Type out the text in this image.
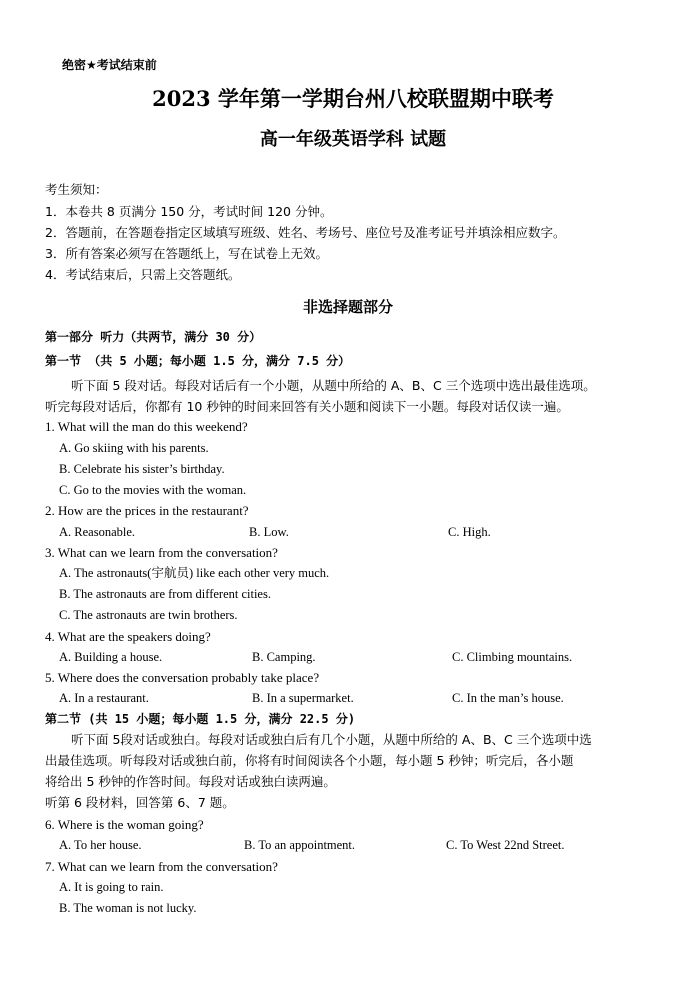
绝密★考试结束前
2023 学年第一学期台州八校联盟期中联考
高一年级英语学科 试题
考生须知：
1．本卷共 8 页满分 150 分，考试时间 120 分钟。
2．答题前，在答题卷指定区域填写班级、姓名、考场号、座位号及准考证号并填涂相应数字。
3．所有答案必须写在答题纸上，写在试卷上无效。
4．考试结束后，只需上交答题纸。
非选择题部分
第一部分 听力（共两节，满分 30 分）
第一节 （共 5 小题；每小题 1.5 分，满分 7.5 分）
听下面 5 段对话。每段对话后有一个小题，从题中所给的 A、B、C 三个选项中选出最佳选项。
听完每段对话后，你都有 10 秒钟的时间来回答有关小题和阅读下一小题。每段对话仅读一遍。
1. What will the man do this weekend?
A. Go skiing with his parents.
B. Celebrate his sister’s birthday.
C. Go to the movies with the woman.
2. How are the prices in the restaurant?
A. Reasonable.	B. Low.	C. High.
3. What can we learn from the conversation?
A. The astronauts(宇航员) like each other very much.
B. The astronauts are from different cities.
C. The astronauts are twin brothers.
4. What are the speakers doing?
A. Building a house.	B. Camping.	C. Climbing mountains.
5. Where does the conversation probably take place?
A. In a restaurant.	B. In a supermarket.	C. In the man’s house.
第二节 (共 15 小题；每小题 1.5 分，满分 22.5 分)
听下面 5段对话或独白。每段对话或独白后有几个小题，从题中所给的 A、B、C 三个选项中选
出最佳选项。听每段对话或独白前，你将有时间阅读各个小题，每小题 5 秒钟；听完后，各小题
将给出 5 秒钟的作答时间。每段对话或独白读两遍。
听第 6 段材料，回答第 6、7 题。
6. Where is the woman going?
A. To her house.	B. To an appointment.	C. To West 22nd Street.
7. What can we learn from the conversation?
A. It is going to rain.
B. The woman is not lucky.
